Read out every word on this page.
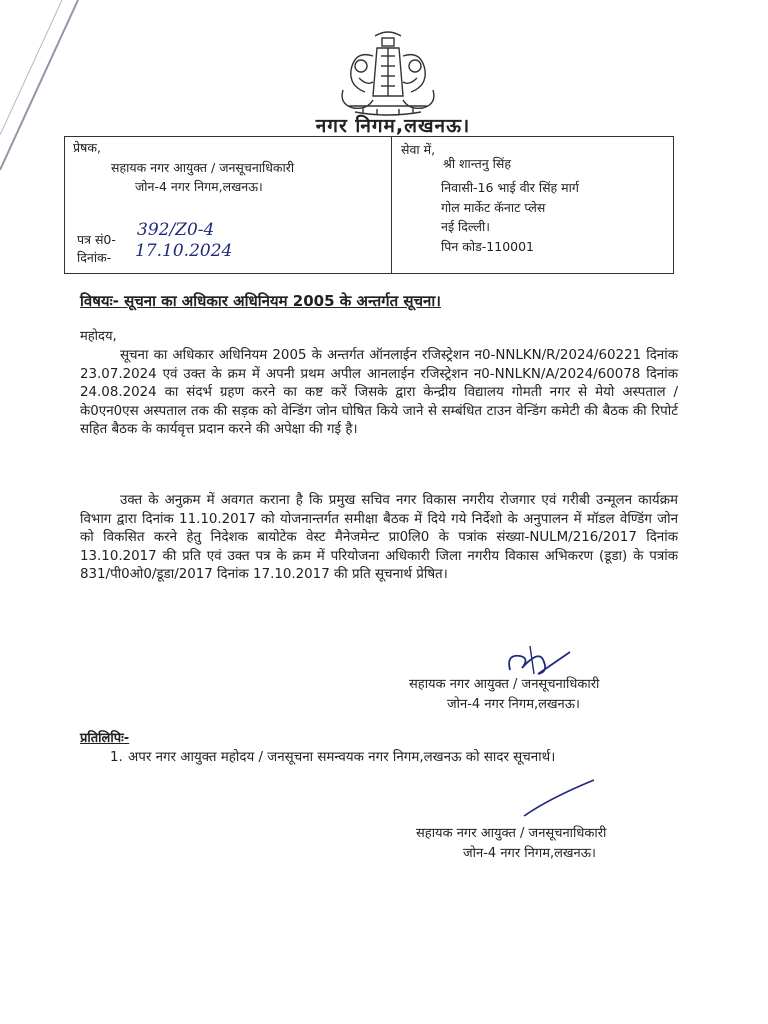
नगर निगम,लखनऊ।
प्रेषक,
सहायक नगर आयुक्त / जनसूचनाधिकारी
जोन-4 नगर निगम,लखनऊ।
पत्र सं0- 392/Z0-4
दिनांक- 17.10.2024
सेवा में,
श्री शान्तनु सिंह
निवासी-16 भाई वीर सिंह मार्ग
गोल मार्केट कॅनाट प्लेस
नई दिल्ली।
पिन कोड-110001
विषयः- सूचना का अधिकार अधिनियम 2005 के अन्तर्गत सूचना।
महोदय,
सूचना का अधिकार अधिनियम 2005 के अन्तर्गत ऑनलाईन रजिस्ट्रेशन न0-NNLKN/R/2024/60221 दिनांक 23.07.2024 एवं उक्त के क्रम में अपनी प्रथम अपील आनलाईन रजिस्ट्रेशन न0-NNLKN/A/2024/60078 दिनांक 24.08.2024 का संदर्भ ग्रहण करने का कष्ट करें जिसके द्वारा केन्द्रीय विद्यालय गोमती नगर से मेयो अस्पताल / के0एन0एस अस्पताल तक की सड़क को वेन्डिंग जोन घोषित किये जाने से सम्बंधित टाउन वेन्डिंग कमेटी की बैठक की रिपोर्ट सहित बैठक के कार्यवृत्त प्रदान करने की अपेक्षा की गई है।
उक्त के अनुक्रम में अवगत कराना है कि प्रमुख सचिव नगर विकास नगरीय रोजगार एवं गरीबी उन्मूलन कार्यक्रम विभाग द्वारा दिनांक 11.10.2017 को योजनान्तर्गत समीक्षा बैठक में दिये गये निर्देशो के अनुपालन में मॉडल वेण्डिंग जोन को विकसित करने हेतु निदेशक बायोटेक वेस्ट मैनेजमेन्ट प्रा0लि0 के पत्रांक संख्या-NULM/216/2017 दिनांक 13.10.2017 की प्रति एवं उक्त पत्र के क्रम में परियोजना अधिकारी जिला नगरीय विकास अभिकरण (डूडा) के पत्रांक 831/पी0ओ0/डूडा/2017 दिनांक 17.10.2017 की प्रति सूचनार्थ प्रेषित।
सहायक नगर आयुक्त / जनसूचनाधिकारी
जोन-4 नगर निगम,लखनऊ।
प्रतिलिपिः-
1. अपर नगर आयुक्त महोदय / जनसूचना समन्वयक नगर निगम,लखनऊ को सादर सूचनार्थ।
सहायक नगर आयुक्त / जनसूचनाधिकारी
जोन-4 नगर निगम,लखनऊ।
